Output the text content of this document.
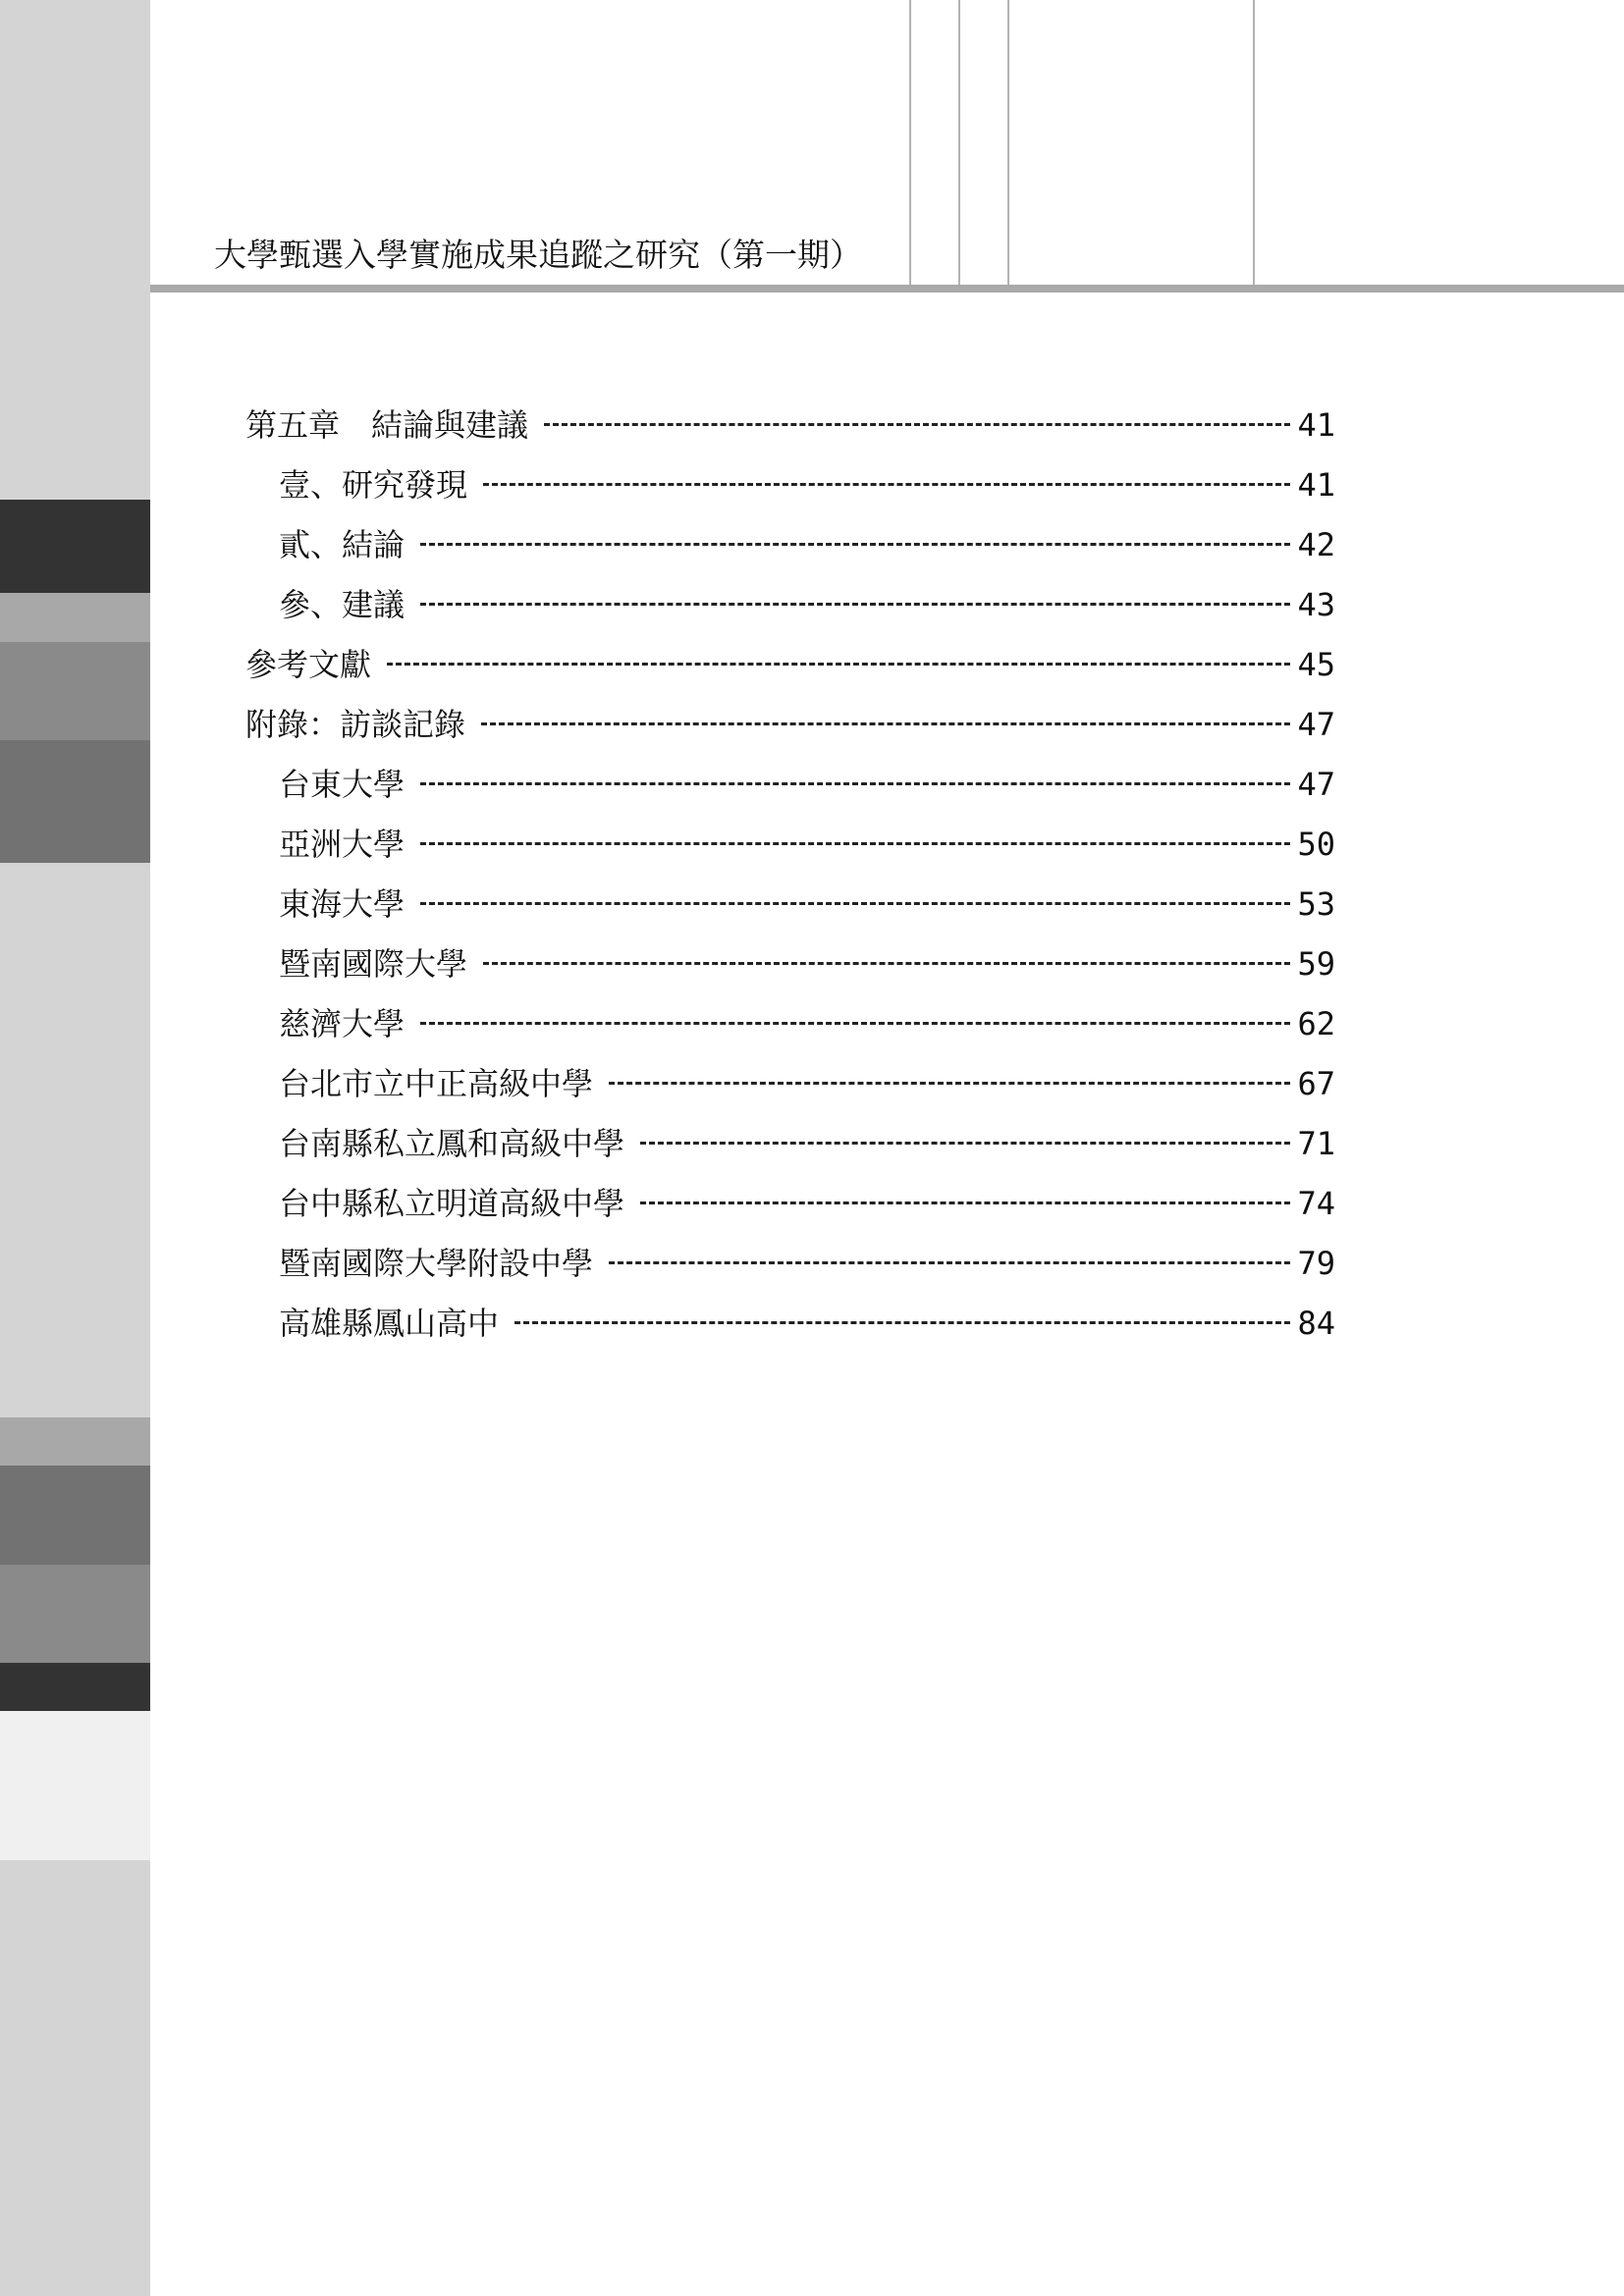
大學甄選入學實施成果追蹤之研究（第一期）
第五章　結論與建議	41
壹、研究發現	41
貳、結論	42
參、建議	43
參考文獻	45
附錄：訪談記錄	47
台東大學	47
亞洲大學	50
東海大學	53
暨南國際大學	59
慈濟大學	62
台北市立中正高級中學	67
台南縣私立鳳和高級中學	71
台中縣私立明道高級中學	74
暨南國際大學附設中學	79
高雄縣鳳山高中	84
